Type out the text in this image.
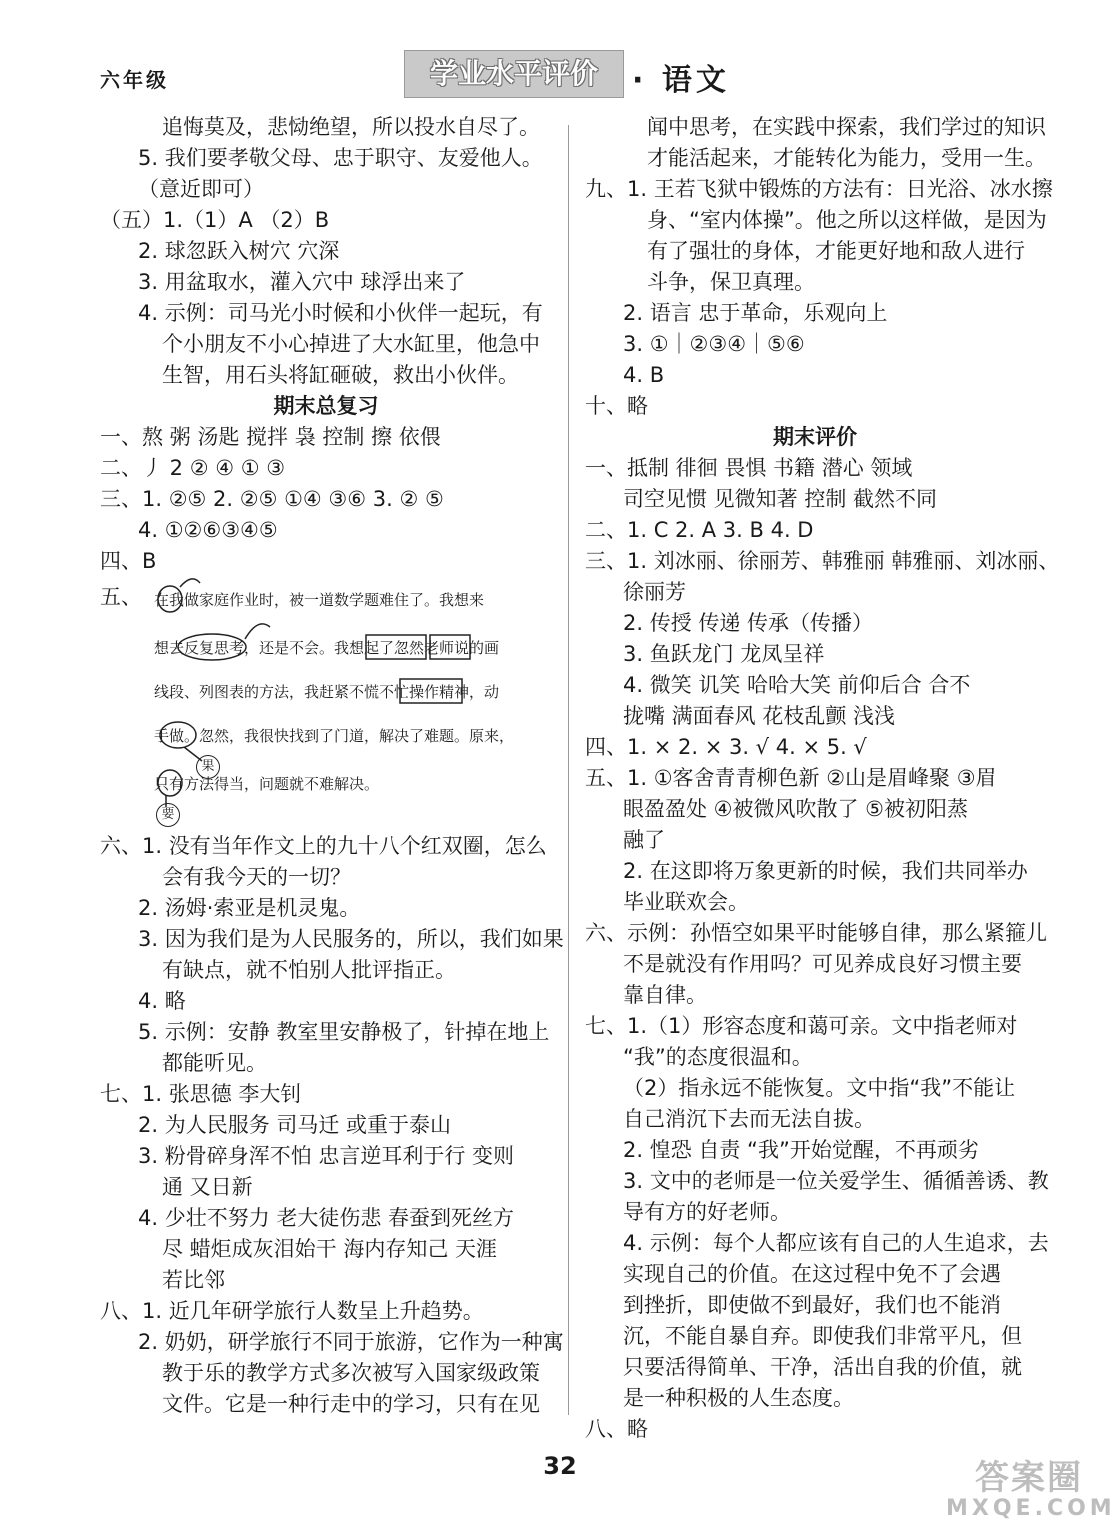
六年级	学业水平评价	· 语文
追悔莫及，悲恸绝望，所以投水自尽了。
5. 我们要孝敬父母、忠于职守、友爱他人。
（意近即可）
（五）1.（1）A （2）B
2. 球忽跃入树穴 穴深
3. 用盆取水，灌入穴中 球浮出来了
4. 示例：司马光小时候和小伙伴一起玩，有
个小朋友不小心掉进了大水缸里，他急中
生智，用石头将缸砸破，救出小伙伴。
期末总复习
一、熬 粥 汤匙 搅拌 袅 控制 擦 依偎
二、丿 2 ② ④ ① ③
三、1. ②⑤ 2. ②⑤ ①④ ③⑥ 3. ② ⑤
4. ①②⑥③④⑤
四、B
五、 在我做家庭作业时，被一道数学题难住了。我想来
想去反复思考，还是不会。我想起了忽然老师说的画
线段、列图表的方法，我赶紧不慌不忙操作精神，动
手做。忽然，我很快找到了门道，解决了难题。原来，
只有方法得当，问题就不难解决。
果
要
六、1. 没有当年作文上的九十八个红双圈，怎么
会有我今天的一切？
2. 汤姆·索亚是机灵鬼。
3. 因为我们是为人民服务的，所以，我们如果
有缺点，就不怕别人批评指正。
4. 略
5. 示例：安静 教室里安静极了，针掉在地上
都能听见。
七、1. 张思德 李大钊
2. 为人民服务 司马迁 或重于泰山
3. 粉骨碎身浑不怕 忠言逆耳利于行 变则
通 又日新
4. 少壮不努力 老大徒伤悲 春蚕到死丝方
尽 蜡炬成灰泪始干 海内存知己 天涯
若比邻
八、1. 近几年研学旅行人数呈上升趋势。
2. 奶奶，研学旅行不同于旅游，它作为一种寓
教于乐的教学方式多次被写入国家级政策
文件。它是一种行走中的学习，只有在见
闻中思考，在实践中探索，我们学过的知识
才能活起来，才能转化为能力，受用一生。
九、1. 王若飞狱中锻炼的方法有：日光浴、冰水擦
身、“室内体操”。他之所以这样做，是因为
有了强壮的身体，才能更好地和敌人进行
斗争，保卫真理。
2. 语言 忠于革命，乐观向上
3. ①｜②③④｜⑤⑥
4. B
十、略
期末评价
一、抵制 徘徊 畏惧 书籍 潜心 领域
司空见惯 见微知著 控制 截然不同
二、1. C 2. A 3. B 4. D
三、1. 刘冰丽、徐丽芳、韩雅丽 韩雅丽、刘冰丽、
徐丽芳
2. 传授 传递 传承（传播）
3. 鱼跃龙门 龙凤呈祥
4. 微笑 讥笑 哈哈大笑 前仰后合 合不
拢嘴 满面春风 花枝乱颤 浅浅
四、1. × 2. × 3. √ 4. × 5. √
五、1. ①客舍青青柳色新 ②山是眉峰聚 ③眉
眼盈盈处 ④被微风吹散了 ⑤被初阳蒸
融了
2. 在这即将万象更新的时候，我们共同举办
毕业联欢会。
六、示例：孙悟空如果平时能够自律，那么紧箍儿
不是就没有作用吗？可见养成良好习惯主要
靠自律。
七、1.（1）形容态度和蔼可亲。文中指老师对
“我”的态度很温和。
（2）指永远不能恢复。文中指“我”不能让
自己消沉下去而无法自拔。
2. 惶恐 自责 “我”开始觉醒，不再顽劣
3. 文中的老师是一位关爱学生、循循善诱、教
导有方的好老师。
4. 示例：每个人都应该有自己的人生追求，去
实现自己的价值。在这过程中免不了会遇
到挫折，即使做不到最好，我们也不能消
沉，不能自暴自弃。即使我们非常平凡，但
只要活得简单、干净，活出自我的价值，就
是一种积极的人生态度。
八、略
32	答案圈
MXQE.COM
